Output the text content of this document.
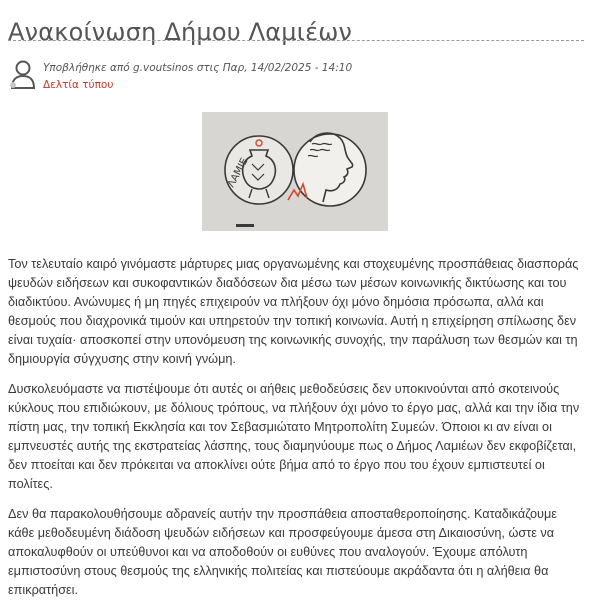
Ανακοίνωση Δήμου Λαμιέων
Υποβλήθηκε από g.voutsinos στις Παρ, 14/02/2025 - 14:10
Δελτία τύπου
ΛΑΜΙΕ

Τον τελευταίο καιρό γινόμαστε μάρτυρες μιας οργανωμένης και στοχευμένης προσπάθειας διασποράς ψευδών ειδήσεων και συκοφαντικών διαδόσεων δια μέσω των μέσων κοινωνικής δικτύωσης και του διαδικτύου. Ανώνυμες ή μη πηγές επιχειρούν να πλήξουν όχι μόνο δημόσια πρόσωπα, αλλά και θεσμούς που διαχρονικά τιμούν και υπηρετούν την τοπική κοινωνία. Αυτή η επιχείρηση σπίλωσης δεν είναι τυχαία· αποσκοπεί στην υπονόμευση της κοινωνικής συνοχής, την παράλυση των θεσμών και τη δημιουργία σύγχυσης στην κοινή γνώμη.

Δυσκολευόμαστε να πιστέψουμε ότι αυτές οι αήθεις μεθοδεύσεις δεν υποκινούνται από σκοτεινούς κύκλους που επιδιώκουν, με δόλιους τρόπους, να πλήξουν όχι μόνο το έργο μας, αλλά και την ίδια την πίστη μας, την τοπική Εκκλησία και τον Σεβασμιώτατο Μητροπολίτη Συμεών. Όποιοι κι αν είναι οι εμπνευστές αυτής της εκστρατείας λάσπης, τους διαμηνύουμε πως ο Δήμος Λαμιέων δεν εκφοβίζεται, δεν πτοείται και δεν πρόκειται να αποκλίνει ούτε βήμα από το έργο που του έχουν εμπιστευτεί οι πολίτες.

Δεν θα παρακολουθήσουμε αδρανείς αυτήν την προσπάθεια αποσταθεροποίησης. Καταδικάζουμε κάθε μεθοδευμένη διάδοση ψευδών ειδήσεων και προσφεύγουμε άμεσα στη Δικαιοσύνη, ώστε να αποκαλυφθούν οι υπεύθυνοι και να αποδοθούν οι ευθύνες που αναλογούν. Έχουμε απόλυτη εμπιστοσύνη στους θεσμούς της ελληνικής πολιτείας και πιστεύουμε ακράδαντα ότι η αλήθεια θα επικρατήσει.
